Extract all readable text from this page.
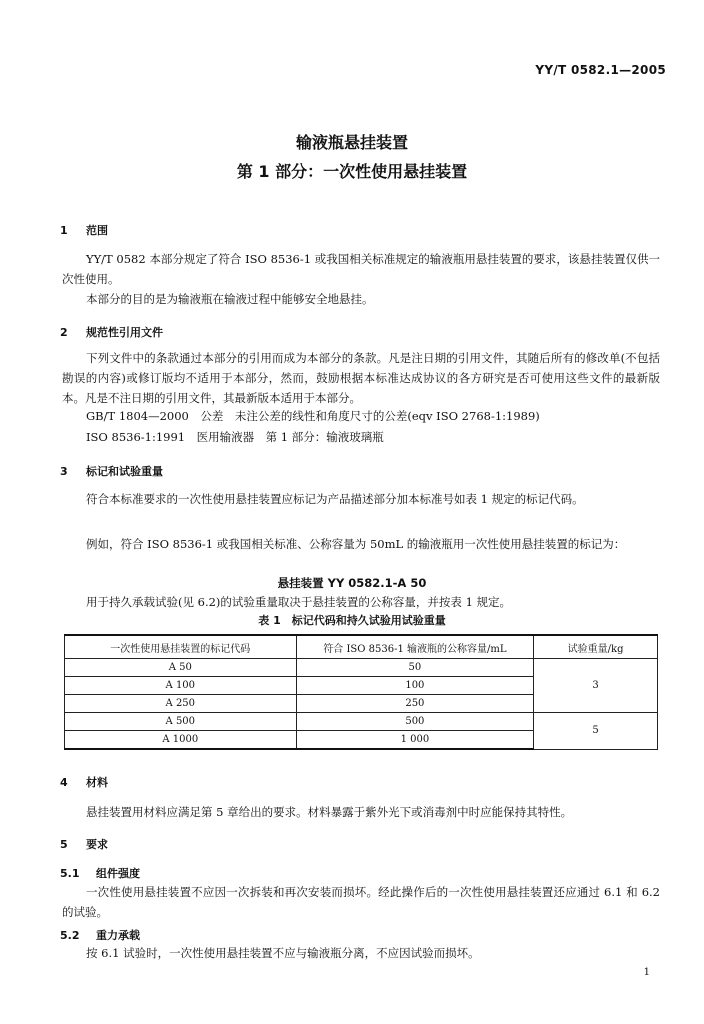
YY/T 0582.1—2005
输液瓶悬挂装置
第 1 部分：一次性使用悬挂装置
1 范围
YY/T 0582 本部分规定了符合 ISO 8536-1 或我国相关标准规定的输液瓶用悬挂装置的要求，该悬挂装置仅供一次性使用。
本部分的目的是为输液瓶在输液过程中能够安全地悬挂。
2 规范性引用文件
下列文件中的条款通过本部分的引用而成为本部分的条款。凡是注日期的引用文件，其随后所有的修改单(不包括勘误的内容)或修订版均不适用于本部分，然而，鼓励根据本标准达成协议的各方研究是否可使用这些文件的最新版本。凡是不注日期的引用文件，其最新版本适用于本部分。
GB/T 1804—2000　公差　未注公差的线性和角度尺寸的公差(eqv ISO 2768-1:1989)
ISO 8536-1:1991　医用输液器　第 1 部分：输液玻璃瓶
3 标记和试验重量
符合本标准要求的一次性使用悬挂装置应标记为产品描述部分加本标准号如表 1 规定的标记代码。
例如，符合 ISO 8536-1 或我国相关标准、公称容量为 50mL 的输液瓶用一次性使用悬挂装置的标记为：
悬挂装置 YY 0582.1-A 50
用于持久承载试验(见 6.2)的试验重量取决于悬挂装置的公称容量，并按表 1 规定。
表 1　标记代码和持久试验用试验重量
一次性使用悬挂装置的标记代码	符合 ISO 8536-1 输液瓶的公称容量/mL	试验重量/kg
A 50	50	3
A 100	100	
A 250	250	
A 500	500	5
A 1000	1 000	
4 材料
悬挂装置用材料应满足第 5 章给出的要求。材料暴露于紫外光下或消毒剂中时应能保持其特性。
5 要求
5.1 组件强度
一次性使用悬挂装置不应因一次拆装和再次安装而损坏。经此操作后的一次性使用悬挂装置还应通过 6.1 和 6.2 的试验。
5.2 重力承载
按 6.1 试验时，一次性使用悬挂装置不应与输液瓶分离，不应因试验而损坏。
1
